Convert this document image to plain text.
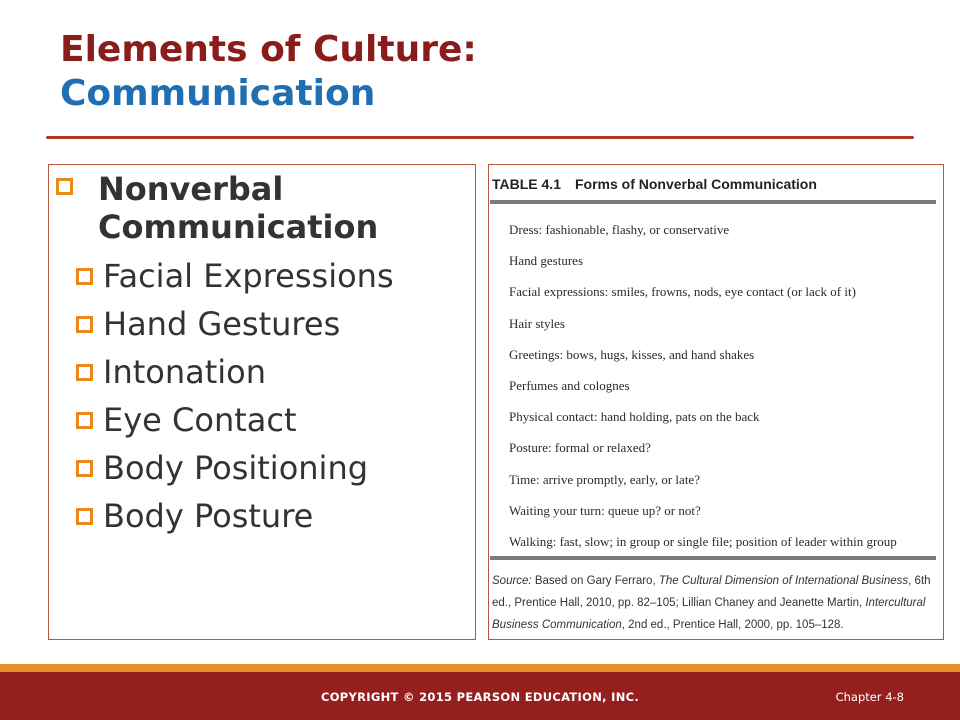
Elements of Culture:
Communication
Nonverbal Communication
Facial Expressions
Hand Gestures
Intonation
Eye Contact
Body Positioning
Body Posture
TABLE 4.1 Forms of Nonverbal Communication
Dress: fashionable, flashy, or conservative
Hand gestures
Facial expressions: smiles, frowns, nods, eye contact (or lack of it)
Hair styles
Greetings: bows, hugs, kisses, and hand shakes
Perfumes and colognes
Physical contact: hand holding, pats on the back
Posture: formal or relaxed?
Time: arrive promptly, early, or late?
Waiting your turn: queue up? or not?
Walking: fast, slow; in group or single file; position of leader within group
Source: Based on Gary Ferraro, The Cultural Dimension of International Business, 6th ed., Prentice Hall, 2010, pp. 82–105; Lillian Chaney and Jeanette Martin, Intercultural Business Communication, 2nd ed., Prentice Hall, 2000, pp. 105–128.
COPYRIGHT © 2015 PEARSON EDUCATION, INC.	Chapter 4-8
